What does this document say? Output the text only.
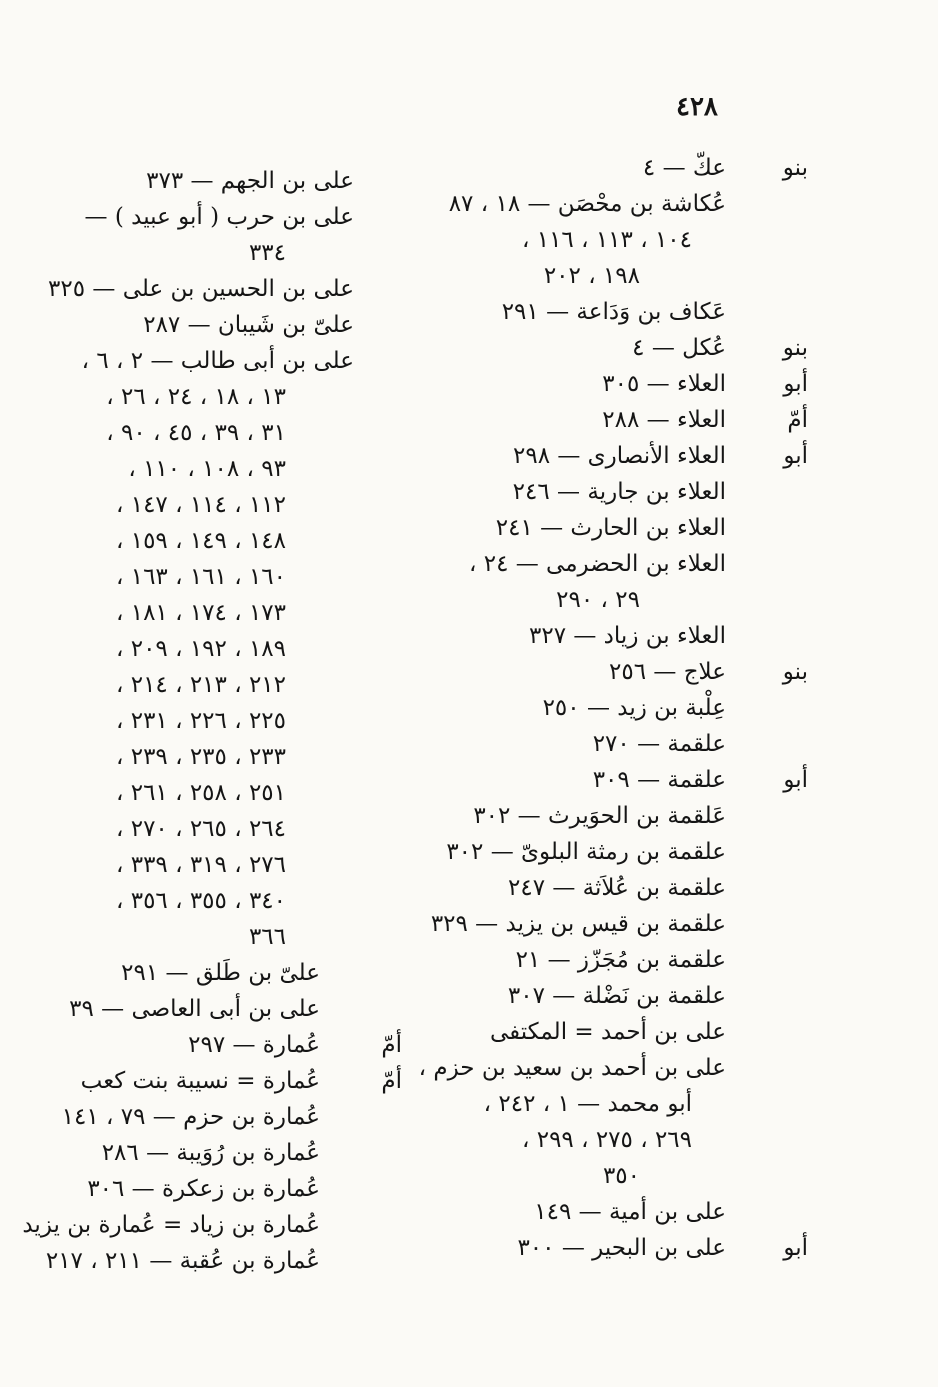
٤٢٨
بنو
عكّ — ٤
عُكاشة بن محْصَن — ١٨ ، ٨٧
١٠٤ ، ١١٣ ، ١١٦ ،
١٩٨ ، ٢٠٢
عَكاف بن وَدَاعة — ٢٩١
بنو
عُكل — ٤
أبو
العلاء — ٣٠٥
أمّ
العلاء — ٢٨٨
أبو
العلاء الأنصارى — ٢٩٨
العلاء بن جارية — ٢٤٦
العلاء بن الحارث — ٢٤١
العلاء بن الحضرمى — ٢٤ ،
٢٩ ، ٢٩٠
العلاء بن زياد — ٣٢٧
بنو
علاج — ٢٥٦
عِلْبة بن زيد — ٢٥٠
علقمة — ٢٧٠
أبو
علقمة — ٣٠٩
عَلقمة بن الحوَيرث — ٣٠٢
علقمة بن رمثة البلوىّ — ٣٠٢
علقمة بن عُلاَثة — ٢٤٧
علقمة بن قيس بن يزيد — ٣٢٩
علقمة بن مُجَزّز — ٢١
علقمة بن نَضْلة — ٣٠٧
على بن أحمد = المكتفى
على بن أحمد بن سعيد بن حزم ،
أبو محمد — ١ ، ٢٤٢ ،
٢٦٩ ، ٢٧٥ ، ٢٩٩ ،
٣٥٠
على بن أمية — ١٤٩
أبو
على بن البحير — ٣٠٠
على بن الجهم — ٣٧٣
على بن حرب ( أبو عبيد ) —
٣٣٤
على بن الحسين بن على — ٣٢٥
علىّ بن شَيبان — ٢٨٧
على بن أبى طالب — ٢ ، ٦ ،
١٣ ، ١٨ ، ٢٤ ، ٢٦ ،
٣١ ، ٣٩ ، ٤٥ ، ٩٠ ،
٩٣ ، ١٠٨ ، ١١٠ ،
١١٢ ، ١١٤ ، ١٤٧ ،
١٤٨ ، ١٤٩ ، ١٥٩ ،
١٦٠ ، ١٦١ ، ١٦٣ ،
١٧٣ ، ١٧٤ ، ١٨١ ،
١٨٩ ، ١٩٢ ، ٢٠٩ ،
٢١٢ ، ٢١٣ ، ٢١٤ ،
٢٢٥ ، ٢٢٦ ، ٢٣١ ،
٢٣٣ ، ٢٣٥ ، ٢٣٩ ،
٢٥١ ، ٢٥٨ ، ٢٦١ ،
٢٦٤ ، ٢٦٥ ، ٢٧٠ ،
٢٧٦ ، ٣١٩ ، ٣٣٩ ،
٣٤٠ ، ٣٥٥ ، ٣٥٦ ،
٣٦٦
علىّ بن طَلق — ٢٩١
على بن أبى العاصى — ٣٩
أمّ
عُمارة — ٢٩٧
أمّ
عُمارة = نسيبة بنت كعب
عُمارة بن حزم — ٧٩ ، ١٤١
عُمارة بن رُوَيبة — ٢٨٦
عُمارة بن زعكرة — ٣٠٦
عُمارة بن زياد = عُمارة بن يزيد
عُمارة بن عُقبة — ٢١١ ، ٢١٧
